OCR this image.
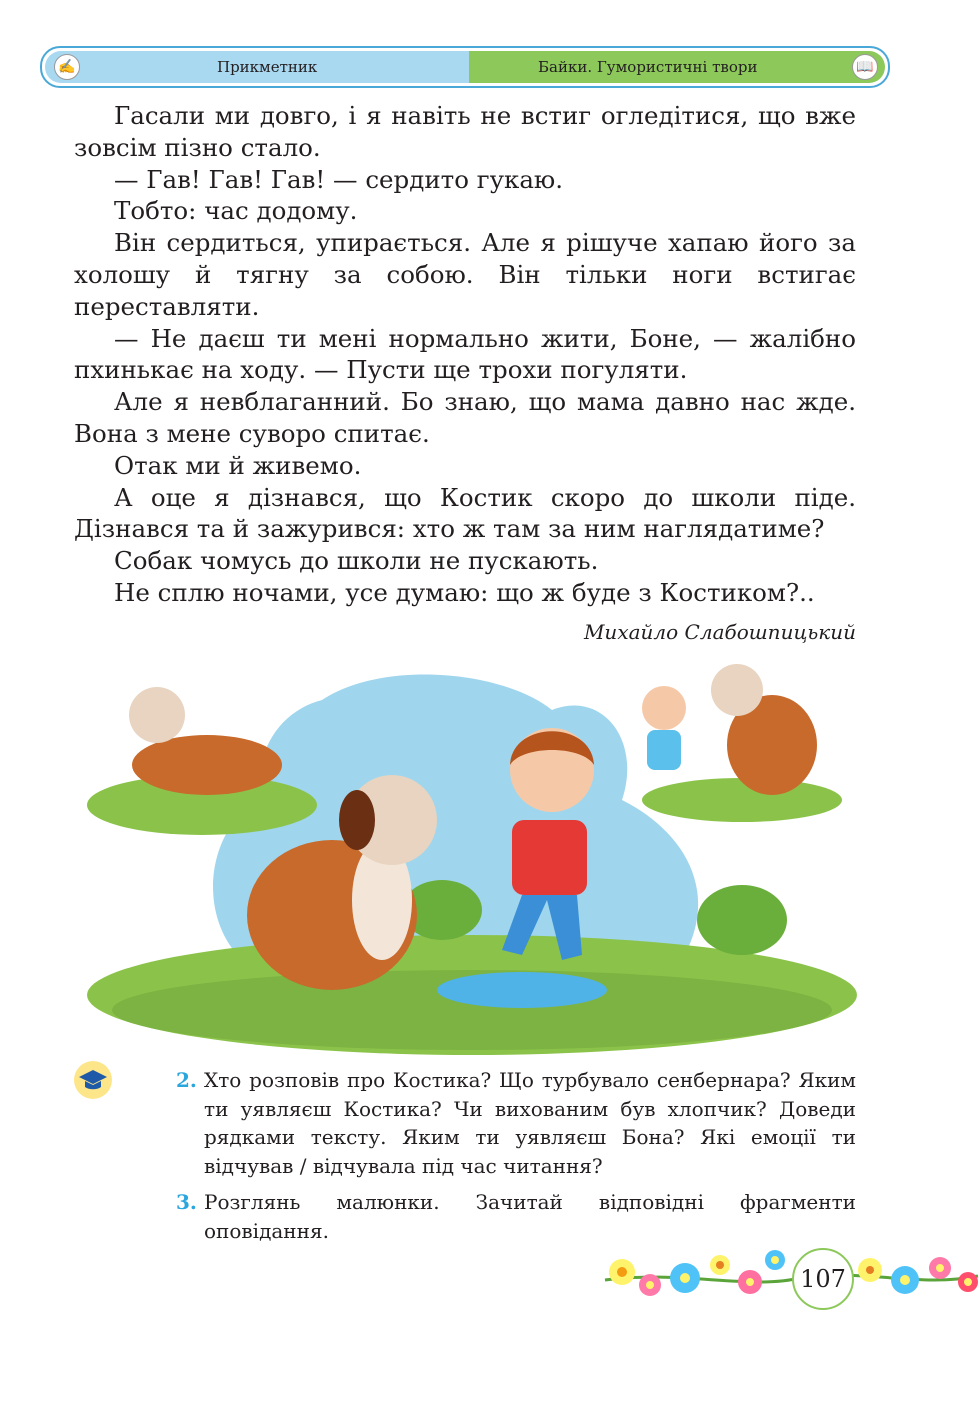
✍	Прикметник	Байки. Гумористичні твори	📖

Гасали ми довго, і я навіть не встиг огледітися, що вже зовсім пізно стало.

— Гав! Гав! Гав! — сердито гукаю.

Тобто: час додому.

Він сердиться, упирається. Але я рішуче хапаю його за холошу й тягну за собою. Він тільки ноги встигає переставляти.

— Не даєш ти мені нормально жити, Боне, — жалібно пхинькає на ходу. — Пусти ще трохи погуляти.

Але я невблаганний. Бо знаю, що мама давно нас жде. Вона з мене суворо спитає.

Отак ми й живемо.

А оце я дізнався, що Костик скоро до школи піде. Дізнався та й зажурився: хто ж там за ним наглядатиме?

Собак чомусь до школи не пускають.

Не сплю ночами, усе думаю: що ж буде з Костиком?..

Михайло Слабошпицький
2. Хто розповів про Костика? Що турбувало сенбернара? Яким ти уявляєш Костика? Чи вихованим був хлопчик? Доведи рядками тексту. Яким ти уявляєш Бона? Які емоції ти відчував / відчувала під час читання?
3. Розглянь малюнки. Зачитай відповідні фрагменти оповідання.
107
